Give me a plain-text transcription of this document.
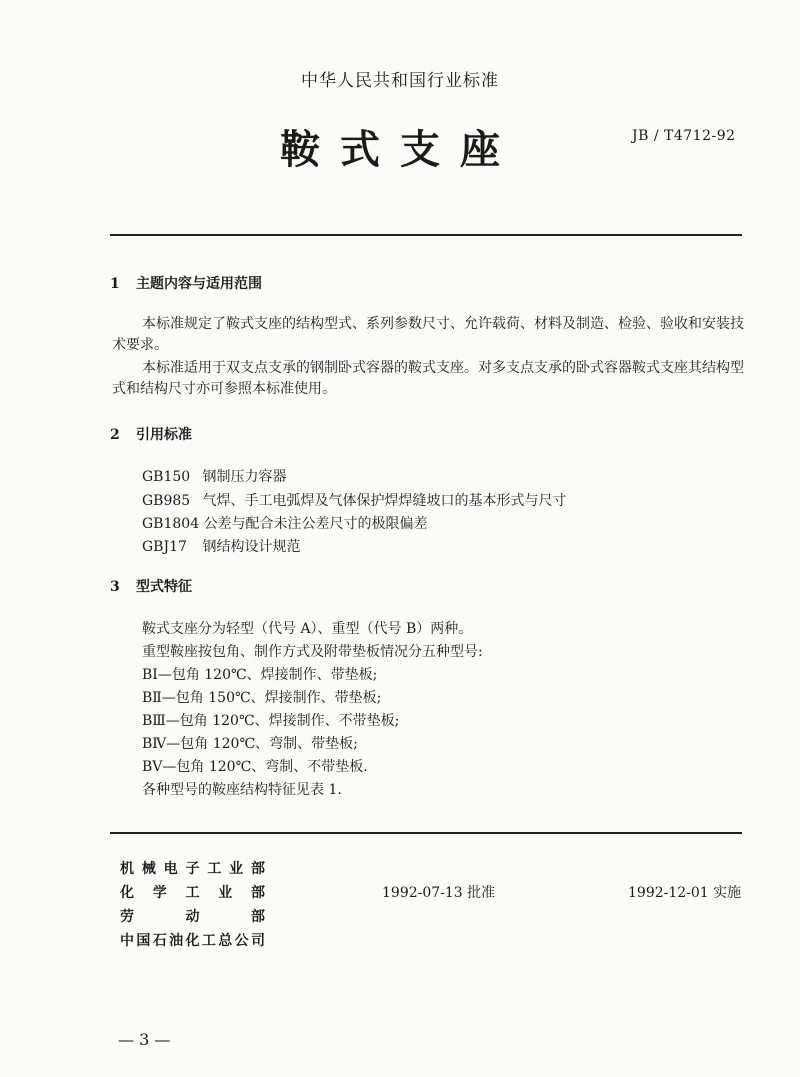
中华人民共和国行业标准
鞍式支座	JB / T4712-92
1 主题内容与适用范围
本标准规定了鞍式支座的结构型式、系列参数尺寸、允许载荷、材料及制造、检验、验收和安装技术要求。
本标准适用于双支点支承的钢制卧式容器的鞍式支座。对多支点支承的卧式容器鞍式支座其结构型式和结构尺寸亦可参照本标准使用。
2 引用标准
GB150 钢制压力容器
GB985 气焊、手工电弧焊及气体保护焊焊缝坡口的基本形式与尺寸
GB1804 公差与配合未注公差尺寸的极限偏差
GBJ17 钢结构设计规范
3 型式特征
鞍式支座分为轻型（代号 A）、重型（代号 B）两种。
重型鞍座按包角、制作方式及附带垫板情况分五种型号:
BⅠ—包角 120℃、焊接制作、带垫板;
BⅡ—包角 150℃、焊接制作、带垫板;
BⅢ—包角 120℃、焊接制作、不带垫板;
BⅣ—包角 120℃、弯制、带垫板;
BⅤ—包角 120℃、弯制、不带垫板.
各种型号的鞍座结构特征见表 1.
机械电子工业部
化学工业部
劳动部
中国石油化工总公司
1992-07-13 批准	1992-12-01 实施
— 3 —
